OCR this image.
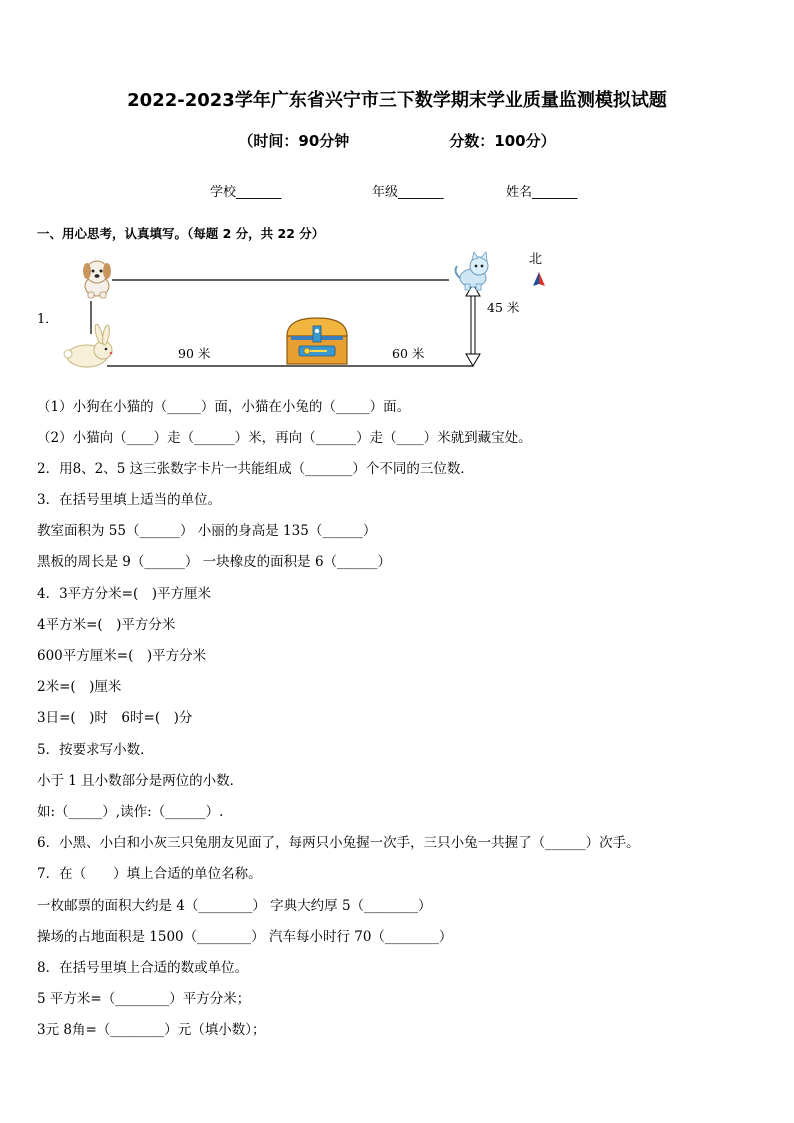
2022-2023学年广东省兴宁市三下数学期末学业质量监测模拟试题
（时间：90分钟	分数：100分）
学校_______	年级_______	姓名_______
一、用心思考，认真填写。（每题 2 分，共 22 分）
1．
北
45 米
90 米	60 米
（1）小狗在小猫的（_____）面，小猫在小兔的（_____）面。
（2）小猫向（____）走（______）米，再向（______）走（____）米就到藏宝处。
2．用8、2、5 这三张数字卡片一共能组成（_______）个不同的三位数．
3．在括号里填上适当的单位。
教室面积为 55（______） 小丽的身高是 135（______）
黑板的周长是 9（______） 一块橡皮的面积是 6（______）
4．3平方分米=(　)平方厘米
4平方米=(　)平方分米
600平方厘米=(　)平方分米
2米=(　)厘米
3日=(　)时　6时=(　)分
5．按要求写小数．
小于 1 且小数部分是两位的小数．
如:（_____）,读作:（______）.
6．小黑、小白和小灰三只兔朋友见面了，每两只小兔握一次手，三只小兔一共握了（______）次手。
7．在（　　）填上合适的单位名称。
一枚邮票的面积大约是 4（________） 字典大约厚 5（________）
操场的占地面积是 1500（________） 汽车每小时行 70（________）
8．在括号里填上合适的数或单位。
5 平方米=（________）平方分米；
3元 8角=（________）元（填小数）；
